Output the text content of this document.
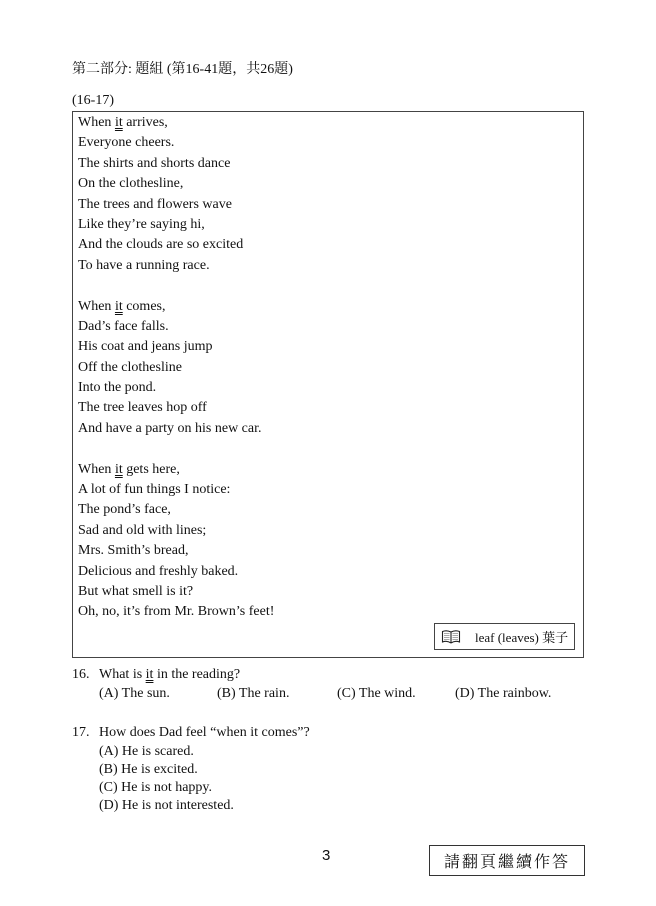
第二部分: 題組 (第16-41題，共26題)
(16-17)
When it arrives,
Everyone cheers.
The shirts and shorts dance
On the clothesline,
The trees and flowers wave
Like they’re saying hi,
And the clouds are so excited
To have a running race.
When it comes,
Dad’s face falls.
His coat and jeans jump
Off the clothesline
Into the pond.
The tree leaves hop off
And have a party on his new car.
When it gets here,
A lot of fun things I notice:
The pond’s face,
Sad and old with lines;
Mrs. Smith’s bread,
Delicious and freshly baked.
But what smell is it?
Oh, no, it’s from Mr. Brown’s feet!
leaf (leaves) 葉子
16. What is it in the reading?
(A) The sun.	(B) The rain.	(C) The wind.	(D) The rainbow.
17. How does Dad feel “when it comes”?
(A) He is scared.
(B) He is excited.
(C) He is not happy.
(D) He is not interested.
3	請翻頁繼續作答
